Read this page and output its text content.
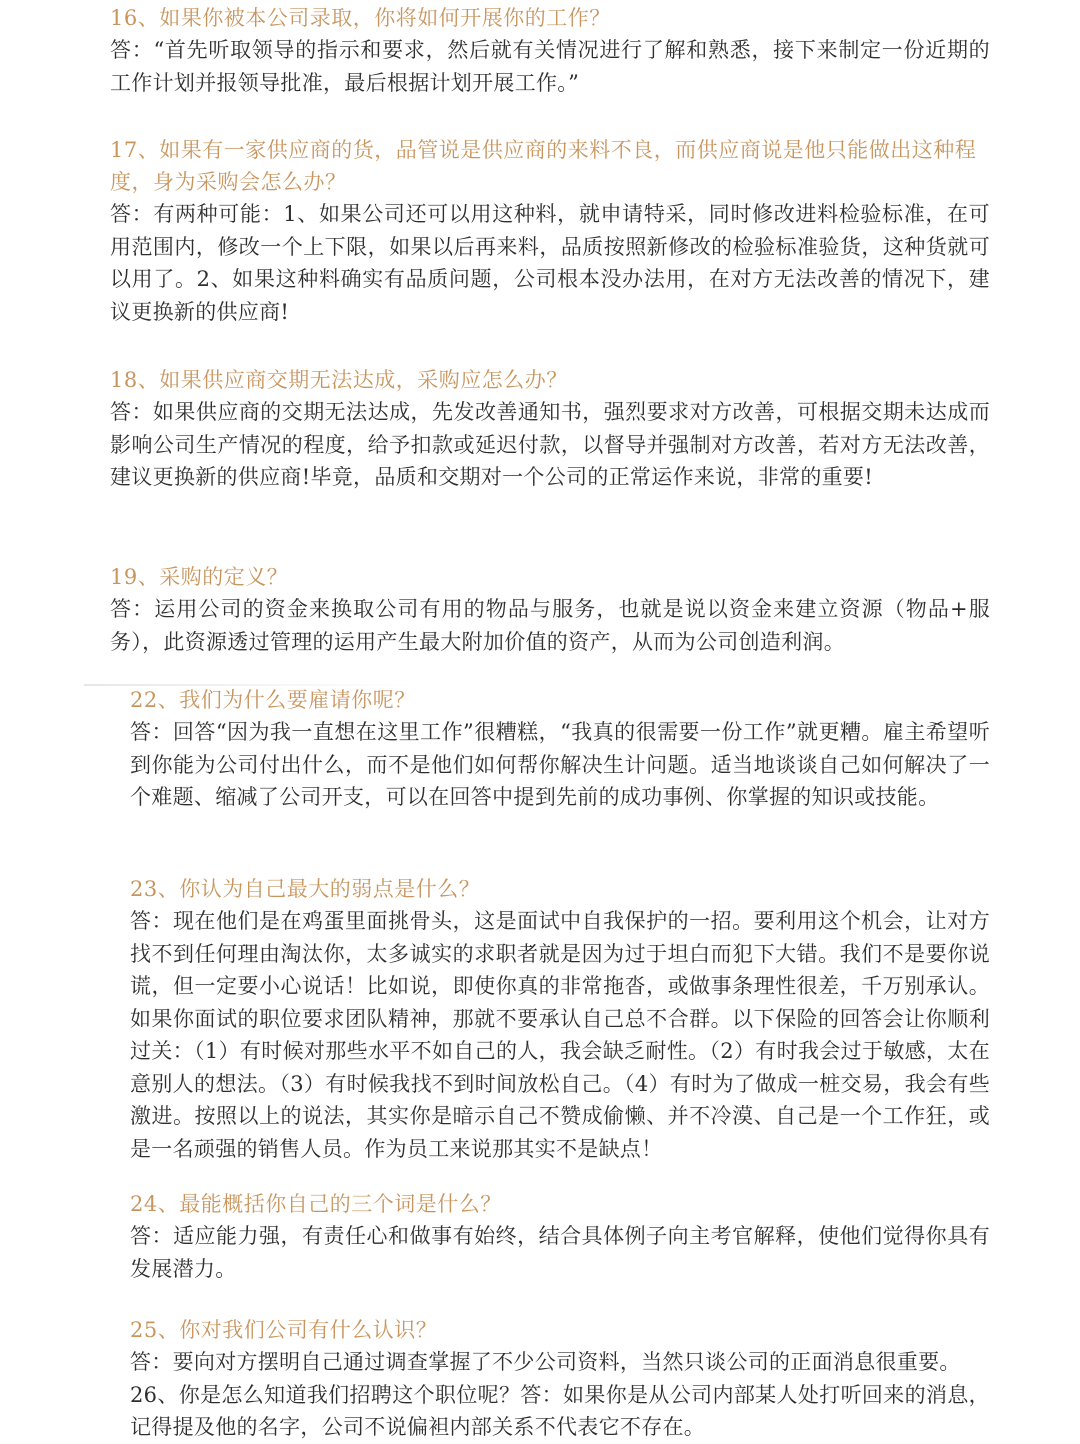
16、如果你被本公司录取，你将如何开展你的工作？

答：“首先听取领导的指示和要求，然后就有关情况进行了解和熟悉，接下来制定一份近期的工作计划并报领导批准，最后根据计划开展工作。”

17、如果有一家供应商的货，品管说是供应商的来料不良，而供应商说是他只能做出这种程度，身为采购会怎么办？

答：有两种可能：1、如果公司还可以用这种料，就申请特采，同时修改进料检验标准，在可用范围内，修改一个上下限，如果以后再来料，品质按照新修改的检验标准验货，这种货就可以用了。2、如果这种料确实有品质问题，公司根本没办法用，在对方无法改善的情况下，建议更换新的供应商!

18、如果供应商交期无法达成，采购应怎么办？

答：如果供应商的交期无法达成，先发改善通知书，强烈要求对方改善，可根据交期未达成而影响公司生产情况的程度，给予扣款或延迟付款，以督导并强制对方改善，若对方无法改善，建议更换新的供应商!毕竟，品质和交期对一个公司的正常运作来说，非常的重要!

19、采购的定义？

答：运用公司的资金来换取公司有用的物品与服务，也就是说以资金来建立资源（物品+服务），此资源透过管理的运用产生最大附加价值的资产，从而为公司创造利润。

22、我们为什么要雇请你呢？

答：回答“因为我一直想在这里工作”很糟糕，“我真的很需要一份工作”就更糟。雇主希望听到你能为公司付出什么，而不是他们如何帮你解决生计问题。适当地谈谈自己如何解决了一个难题、缩减了公司开支，可以在回答中提到先前的成功事例、你掌握的知识或技能。

23、你认为自己最大的弱点是什么？

答：现在他们是在鸡蛋里面挑骨头，这是面试中自我保护的一招。要利用这个机会，让对方找不到任何理由淘汰你，太多诚实的求职者就是因为过于坦白而犯下大错。我们不是要你说谎，但一定要小心说话！比如说，即使你真的非常拖沓，或做事条理性很差，千万别承认。如果你面试的职位要求团队精神，那就不要承认自己总不合群。以下保险的回答会让你顺利过关：（1）有时候对那些水平不如自己的人，我会缺乏耐性。（2）有时我会过于敏感，太在意别人的想法。（3）有时候我找不到时间放松自己。（4）有时为了做成一桩交易，我会有些激进。按照以上的说法，其实你是暗示自己不赞成偷懒、并不冷漠、自己是一个工作狂，或是一名顽强的销售人员。作为员工来说那其实不是缺点！

24、最能概括你自己的三个词是什么？

答：适应能力强，有责任心和做事有始终，结合具体例子向主考官解释，使他们觉得你具有发展潜力。

25、你对我们公司有什么认识？

答：要向对方摆明自己通过调查掌握了不少公司资料，当然只谈公司的正面消息很重要。

26、你是怎么知道我们招聘这个职位呢？答：如果你是从公司内部某人处打听回来的消息，记得提及他的名字，公司不说偏袒内部关系不代表它不存在。
